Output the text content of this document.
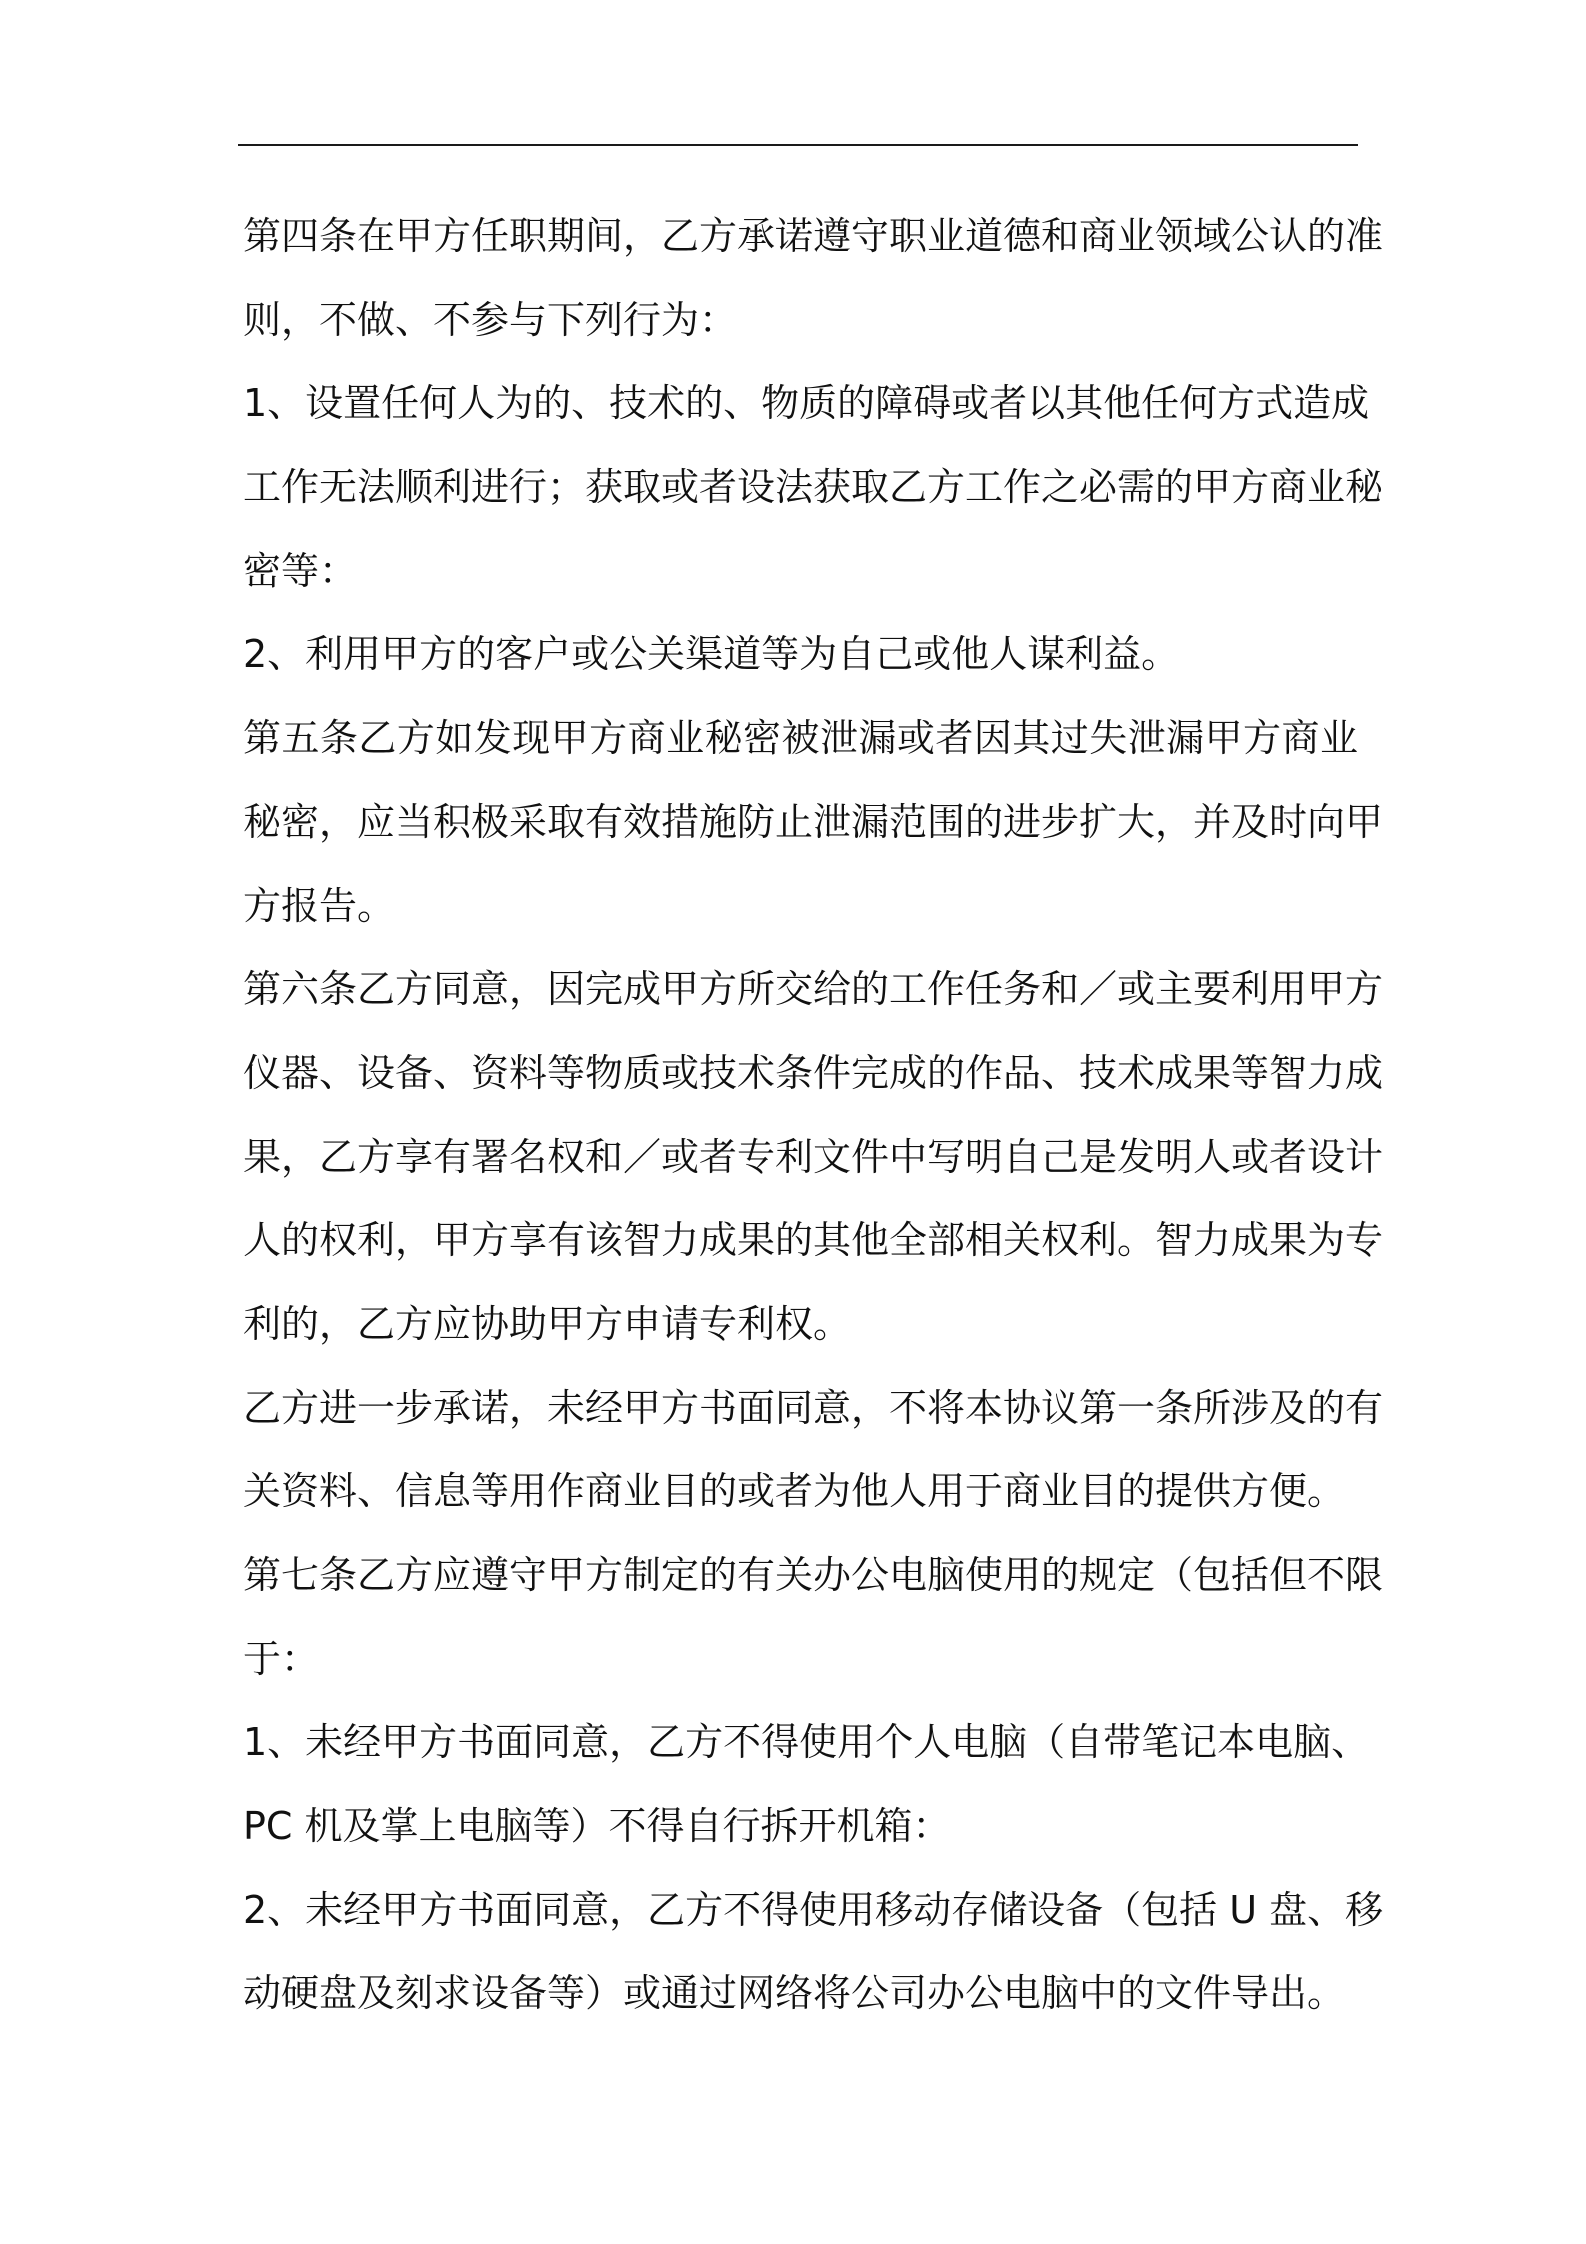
第四条在甲方任职期间，乙方承诺遵守职业道德和商业领域公认的准
则，不做、不参与下列行为：
1、设置任何人为的、技术的、物质的障碍或者以其他任何方式造成
工作无法顺利进行；获取或者设法获取乙方工作之必需的甲方商业秘
密等：
2、利用甲方的客户或公关渠道等为自己或他人谋利益。
第五条乙方如发现甲方商业秘密被泄漏或者因其过失泄漏甲方商业
秘密，应当积极采取有效措施防止泄漏范围的进步扩大，并及时向甲
方报告。
第六条乙方同意，因完成甲方所交给的工作任务和／或主要利用甲方
仪器、设备、资料等物质或技术条件完成的作品、技术成果等智力成
果，乙方享有署名权和／或者专利文件中写明自己是发明人或者设计
人的权利，甲方享有该智力成果的其他全部相关权利。智力成果为专
利的，乙方应协助甲方申请专利权。
乙方进一步承诺，未经甲方书面同意，不将本协议第一条所涉及的有
关资料、信息等用作商业目的或者为他人用于商业目的提供方便。
第七条乙方应遵守甲方制定的有关办公电脑使用的规定（包括但不限
于：
1、未经甲方书面同意，乙方不得使用个人电脑（自带笔记本电脑、
PC 机及掌上电脑等）不得自行拆开机箱：
2、未经甲方书面同意，乙方不得使用移动存储设备（包括 U 盘、移
动硬盘及刻求设备等）或通过网络将公司办公电脑中的文件导出。
